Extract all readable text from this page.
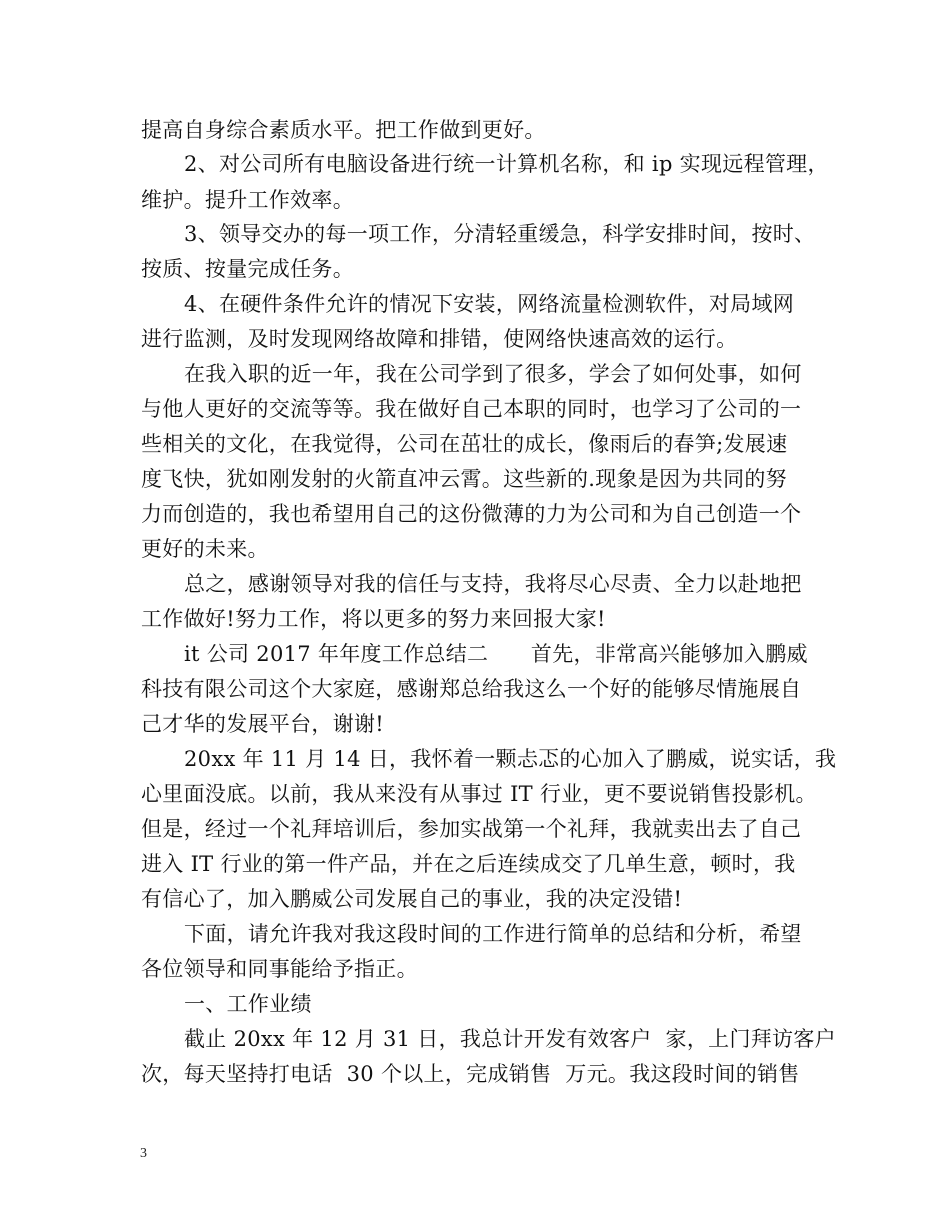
提高自身综合素质水平。把工作做到更好。
2、对公司所有电脑设备进行统一计算机名称，和 ip 实现远程管理，
维护。提升工作效率。
3、领导交办的每一项工作，分清轻重缓急，科学安排时间，按时、
按质、按量完成任务。
4、在硬件条件允许的情况下安装，网络流量检测软件，对局域网
进行监测，及时发现网络故障和排错，使网络快速高效的运行。
在我入职的近一年，我在公司学到了很多，学会了如何处事，如何
与他人更好的交流等等。我在做好自己本职的同时，也学习了公司的一
些相关的文化，在我觉得，公司在茁壮的成长，像雨后的春笋;发展速
度飞快，犹如刚发射的火箭直冲云霄。这些新的.现象是因为共同的努
力而创造的，我也希望用自己的这份微薄的力为公司和为自己创造一个
更好的未来。
总之，感谢领导对我的信任与支持，我将尽心尽责、全力以赴地把
工作做好!努力工作，将以更多的努力来回报大家!
it 公司 2017 年年度工作总结二　　首先，非常高兴能够加入鹏威
科技有限公司这个大家庭，感谢郑总给我这么一个好的能够尽情施展自
己才华的发展平台，谢谢!
20xx 年 11 月 14 日，我怀着一颗忐忑的心加入了鹏威，说实话，我
心里面没底。以前，我从来没有从事过 IT 行业，更不要说销售投影机。
但是，经过一个礼拜培训后，参加实战第一个礼拜，我就卖出去了自己
进入 IT 行业的第一件产品，并在之后连续成交了几单生意，顿时，我
有信心了，加入鹏威公司发展自己的事业，我的决定没错!
下面，请允许我对我这段时间的工作进行简单的总结和分析，希望
各位领导和同事能给予指正。
一、工作业绩
截止 20xx 年 12 月 31 日，我总计开发有效客户  家，上门拜访客户
次，每天坚持打电话  30 个以上，完成销售  万元。我这段时间的销售
3
